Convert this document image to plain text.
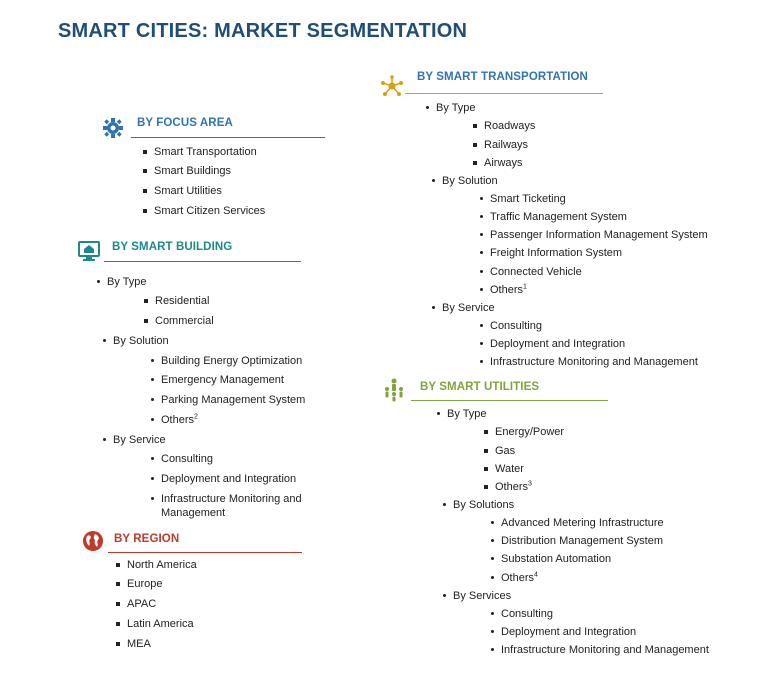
SMART CITIES: MARKET SEGMENTATION
BY FOCUS AREA
Smart Transportation
Smart Buildings
Smart Utilities
Smart Citizen Services
BY SMART BUILDING
By Type
Residential
Commercial
By Solution
Building Energy Optimization
Emergency Management
Parking Management System
Others$^2$
By Service
Consulting
Deployment and Integration
Infrastructure Monitoring and Management
BY REGION
North America
Europe
APAC
Latin America
MEA
BY SMART TRANSPORTATION
By Type
Roadways
Railways
Airways
By Solution
Smart Ticketing
Traffic Management System
Passenger Information Management System
Freight Information System
Connected Vehicle
Others$^1$
By Service
Consulting
Deployment and Integration
Infrastructure Monitoring and Management
BY SMART UTILITIES
By Type
Energy/Power
Gas
Water
Others$^3$
By Solutions
Advanced Metering Infrastructure
Distribution Management System
Substation Automation
Others$^4$
By Services
Consulting
Deployment and Integration
Infrastructure Monitoring and Management
